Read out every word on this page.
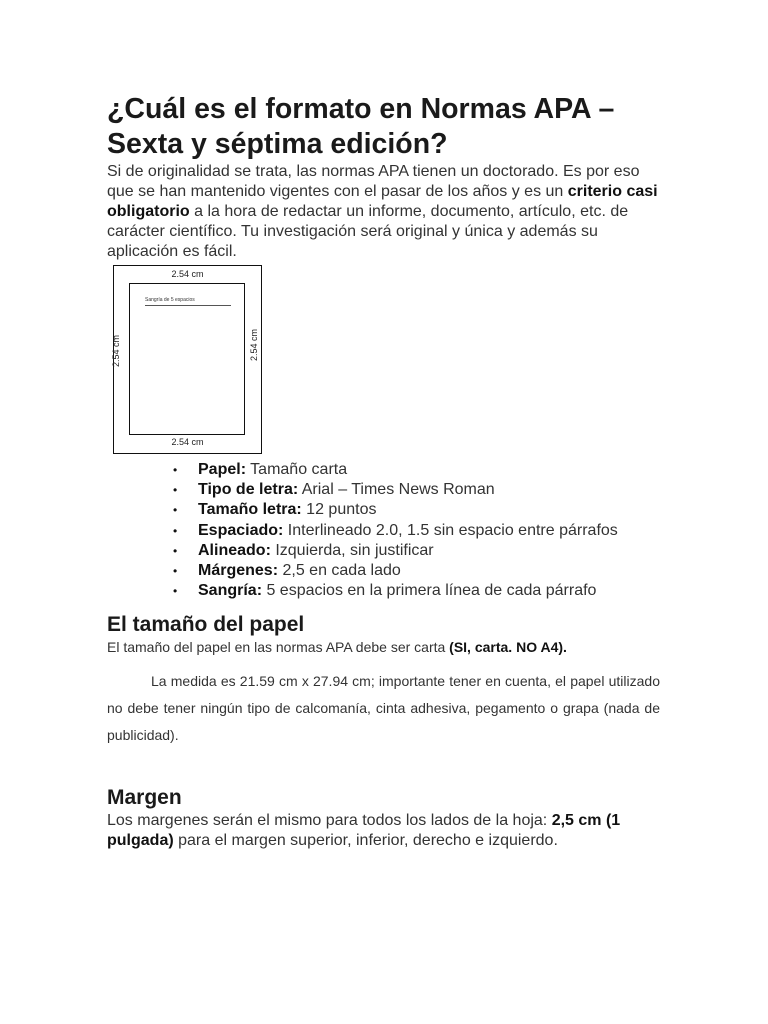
¿Cuál es el formato en Normas APA – Sexta y séptima edición?

Si de originalidad se trata, las normas APA tienen un doctorado. Es por eso que se han mantenido vigentes con el pasar de los años y es un criterio casi obligatorio a la hora de redactar un informe, documento, artículo, etc. de carácter científico. Tu investigación será original y única y además su aplicación es fácil.

2.54 cm
2.54 cm
2.54 cm	2.54 cm
Sangría de 5 espacios
• Papel: Tamaño carta
• Tipo de letra: Arial – Times News Roman
• Tamaño letra: 12 puntos
• Espaciado: Interlineado 2.0, 1.5 sin espacio entre párrafos
• Alineado: Izquierda, sin justificar
• Márgenes: 2,5 en cada lado
• Sangría: 5 espacios en la primera línea de cada párrafo
El tamaño del papel

El tamaño del papel en las normas APA debe ser carta (SI, carta. NO A4).

La medida es 21.59 cm x 27.94 cm; importante tener en cuenta, el papel utilizado no debe tener ningún tipo de calcomanía, cinta adhesiva, pegamento o grapa (nada de publicidad).

Margen

Los margenes serán el mismo para todos los lados de la hoja: 2,5 cm (1 pulgada) para el margen superior, inferior, derecho e izquierdo.
